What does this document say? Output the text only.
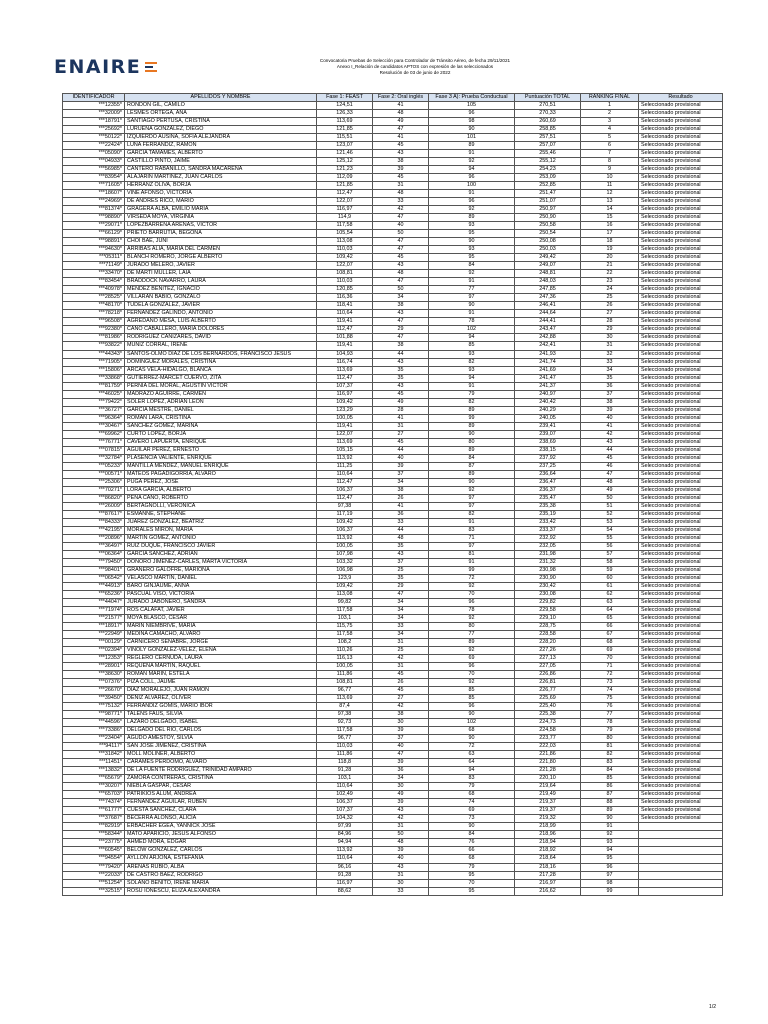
ENAIRE	Convocatoria Pruebas de Selección para Controlador de Tránsito Aéreo, de fecha 29/11/2021
Anexo I_Relación de candidatos APTOS con expresión de las seleccionados
Resolución de 03 de junio de 2022
IDENTIFICADOR	APELLIDOS Y NOMBRE	Fase 1: FEAST	Fase 2: Oral inglés	Fase 3 A): Prueba Conductual	Puntuación TOTAL	RANKING FINAL	Resultado
***12355*	RONDÓN GIL, CAMILO	124,51	41	105	270,51	1	Seleccionado provisional
***32009*	LESMES ORTEGA, ANA	126,33	48	96	270,33	2	Seleccionado provisional
***18791*	SANTIAGO PERTUSA, CRISTINA	113,69	49	98	260,69	3	Seleccionado provisional
***25692*	LURUEÑA GONZÁLEZ, DIEGO	121,85	47	90	258,85	4	Seleccionado provisional
***50122*	IZQUIERDO AUSINA, SOFIA ALEJANDRA	115,51	41	101	257,51	5	Seleccionado provisional
***22424*	LUNA FERRÁNDIZ, RAMÓN	123,07	45	89	257,07	6	Seleccionado provisional
***05090*	GARCÍA TAMAMES, ALBERTO	121,46	43	91	255,46	7	Seleccionado provisional
***04933*	CASTILLO PINTO, JAIME	125,12	38	92	255,12	8	Seleccionado provisional
***56985*	CANTERO RABANILLO, SANDRA MACARENA	121,23	39	94	254,23	9	Seleccionado provisional
***83954*	ALAJARÍN MARTÍNEZ, JUAN CARLOS	112,09	45	96	253,09	10	Seleccionado provisional
***71605*	HERRANZ OLIVA, BORJA	121,85	31	100	252,85	11	Seleccionado provisional
***18607*	VIÑE AFONSO, VICTORIA	112,47	48	91	251,47	12	Seleccionado provisional
***24969*	DE ANDRÉS RICO, MARIO	122,07	33	96	251,07	13	Seleccionado provisional
***81374*	GRAGERA ALBA, EMILIO MARÍA	116,97	42	92	250,97	14	Seleccionado provisional
***98890*	VIRSEDA MOYA, VIRGINIA	114,9	47	89	250,90	15	Seleccionado provisional
***29071*	LOPEZBARRENA ARENAS, VÍCTOR	117,58	40	93	250,58	16	Seleccionado provisional
***66129*	PRIETO BARRUTIA, BEGOÑA	105,54	50	95	250,54	17	Seleccionado provisional
***98891*	CHOI BAE, JUNI	113,08	47	90	250,08	18	Seleccionado provisional
***94630*	ARRIBAS ALIA, MARIA DEL CARMEN	110,03	47	93	250,03	19	Seleccionado provisional
***05311*	BLANCH ROMERO, JORGE ALBERTO	109,42	45	95	249,42	20	Seleccionado provisional
***71149*	JURADO MELERO, JAVIER	122,07	43	84	249,07	21	Seleccionado provisional
***33470*	DE MARTÍ MULLER, LAIA	108,81	48	92	248,81	22	Seleccionado provisional
***83454*	BRADDOCK NAVARRO, LAURA	110,03	47	91	248,03	23	Seleccionado provisional
***40978*	MENDEZ BENITEZ, IGNACIO	120,85	50	77	247,85	24	Seleccionado provisional
***28525*	VILLARÁN BABÍO, GONZALO	116,36	34	97	247,36	25	Seleccionado provisional
***48170*	TUDELA GONZALEZ, JAVIER	118,41	38	90	246,41	26	Seleccionado provisional
***78218*	FERNÁNDEZ GALINDO, ANTONIO	110,64	43	91	244,64	27	Seleccionado provisional
***96508*	AGREDANO MESA, LUIS ALBERTO	119,41	47	78	244,41	28	Seleccionado provisional
***92380*	CANO CABALLERO, MARÍA DOLORES	112,47	29	102	243,47	29	Seleccionado provisional
***81986*	RODRÍGUEZ CANIZARES, DAVID	101,88	47	94	242,88	30	Seleccionado provisional
***93822*	MUÑIZ CORRAL, IRENE	119,41	38	85	242,41	31	Seleccionado provisional
***44343*	SANTOS-OLMO DÍAZ DE LOS BERNARDOS, FRANCISCO JESÚS	104,93	44	93	241,93	32	Seleccionado provisional
***71905*	DOMÍNGUEZ MORALES, CRISTINA	116,74	43	82	241,74	33	Seleccionado provisional
***15806*	ARCAS VELA-HIDALGO, BLANCA	113,69	35	93	241,69	34	Seleccionado provisional
***33868*	GUTIÉRREZ-MARCET CUERVO, ZITA	112,47	35	94	241,47	35	Seleccionado provisional
***81759*	PERNIA DEL MORAL, AGUSTÍN VÍCTOR	107,37	43	91	241,37	36	Seleccionado provisional
***46025*	MADRAZO AGUIRRE, CARMEN	116,97	45	79	240,97	37	Seleccionado provisional
***79422*	SOLER LÓPEZ, ADRIÁN LEÓN	109,42	49	82	240,42	38	Seleccionado provisional
***36727*	GARCIA MESTRE, DANIEL	123,29	28	89	240,29	39	Seleccionado provisional
***96364*	ROMÁN LARA, CRISTINA	100,05	41	99	240,05	40	Seleccionado provisional
***30467*	SÁNCHEZ GÓMEZ, MARINA	119,41	31	89	239,41	41	Seleccionado provisional
***69962*	CURTO LÓPEZ, BORJA	122,07	27	90	239,07	42	Seleccionado provisional
***76771*	CAVERO LAPUERTA, ENRIQUE	113,69	45	80	238,69	43	Seleccionado provisional
***07815*	AGUILAR PEREZ, ERNESTO	105,15	44	89	238,15	44	Seleccionado provisional
***32784*	PLASENCIA VALIENTE, ENRIQUE	113,92	40	84	237,92	45	Seleccionado provisional
***05233*	MANTILLA MENDEZ, MANUEL ENRIQUE	111,25	39	87	237,25	46	Seleccionado provisional
***00571*	MATEOS PAGADIGORRIA, ALVARO	110,64	37	89	236,64	47	Seleccionado provisional
***25306*	PUGA PEREZ, JOSE	112,47	34	90	236,47	48	Seleccionado provisional
***70271*	LORA GARCÍA, ALBERTO	106,37	38	92	236,37	49	Seleccionado provisional
***86820*	PEÑA CANO, ROBERTO	112,47	26	97	235,47	50	Seleccionado provisional
***26009*	BERTAGNOLLI, VERONICA	97,38	41	97	235,38	51	Seleccionado provisional
***87617*	ESMANNE, STEPHANE	117,19	36	82	235,19	52	Seleccionado provisional
***84333*	JUAREZ GONZALEZ, BEATRIZ	109,42	33	91	233,42	53	Seleccionado provisional
***42195*	MORALES MIRÓN, MARÍA	106,37	44	83	233,37	54	Seleccionado provisional
***20896*	MARTÍN GÓMEZ, ANTONIO	113,92	48	71	232,92	55	Seleccionado provisional
***36497*	RUIZ DUQUE, FRANCISCO JAVIER	100,05	35	97	232,05	56	Seleccionado provisional
***06364*	GARCÍA SÁNCHEZ, ADRIÁN	107,98	43	81	231,98	57	Seleccionado provisional
***79450*	DOÑORO JIMÉNEZ-CARLÉS, MARTA VICTORIA	103,32	37	91	231,32	58	Seleccionado provisional
***98401*	GRANERO GALOFRE, MARIONA	106,98	25	99	230,98	59	Seleccionado provisional
***06542*	VELASCO MARTÍN, DANIEL	123,9	35	72	230,90	60	Seleccionado provisional
***44913*	BARO GINJAUME, ANNA	109,42	29	92	230,42	61	Seleccionado provisional
***65236*	PASCUAL VISO, VICTORIA	113,08	47	70	230,08	62	Seleccionado provisional
***44047*	JURADO JABONERO, SANDRA	99,82	34	96	229,82	63	Seleccionado provisional
***71974*	ROS CALAFAT, JAVIER	117,58	34	78	229,58	64	Seleccionado provisional
***21577*	MOYA BLASCO, CESAR	103,1	34	92	229,10	65	Seleccionado provisional
***18917*	MARÍN NIEMBRIVE, MARÍA	115,75	33	80	228,75	66	Seleccionado provisional
***22949*	MEDINA CAMACHO, ALVARO	117,58	34	77	228,58	67	Seleccionado provisional
***00129*	CARNICERO SENABRE, JORGE	108,2	31	89	228,20	68	Seleccionado provisional
***02394*	VIÑOLY GONZÁLEZ-VÉLEZ, ELENA	110,26	25	92	227,26	69	Seleccionado provisional
***12353*	REGLERO CERNUDA, LAURA	116,13	42	69	227,13	70	Seleccionado provisional
***28901*	REQUENA MARTÍN, RAQUEL	100,05	31	96	227,05	71	Seleccionado provisional
***38630*	ROMÁN MARÍN, ESTELA	111,86	45	70	226,86	72	Seleccionado provisional
***07376*	PIZA COLL, JAUME	108,81	26	92	226,81	73	Seleccionado provisional
***26670*	DIAZ MORALEJO, JUAN RAMON	96,77	45	85	226,77	74	Seleccionado provisional
***39450*	DENIZ ÁLVAREZ, OLIVER	113,69	27	85	225,69	75	Seleccionado provisional
***75132*	FERRÁNDIZ GOMIS, MARIO IBOR	87,4	42	96	225,40	76	Seleccionado provisional
***98771*	TALENS FAUS, SILVIA	97,38	38	90	225,38	77	Seleccionado provisional
***44596*	LÁZARO DELGADO, ISABEL	92,73	30	102	224,73	78	Seleccionado provisional
***73386*	DELGADO DEL RIO, CARLOS	117,58	39	68	224,58	79	Seleccionado provisional
***23404*	AGUDO AMESTOY, SILVIA	96,77	37	90	223,77	80	Seleccionado provisional
***94117*	SAN JOSÉ JIMÉNEZ, CRISTINA	110,03	40	72	222,03	81	Seleccionado provisional
***31842*	MOLL MOLINER, ALBERTO	111,86	47	63	221,86	82	Seleccionado provisional
***11451*	CARAMÉS PERDOMO, ALVARO	118,8	39	64	221,80	83	Seleccionado provisional
***13832*	DE LA FUENTE RODRÍGUEZ, TRINIDAD AMPARO	91,28	36	94	221,28	84	Seleccionado provisional
***65679*	ZAMORA CONTRERAS, CRISTINA	103,1	34	83	220,10	85	Seleccionado provisional
***30207*	NIEBLA GASPAR, CÉSAR	110,64	30	79	219,64	86	Seleccionado provisional
***65703*	PATRIKIOS ALUM, ANDREA	102,49	49	68	219,49	87	Seleccionado provisional
***74374*	FERNÁNDEZ AGUILAR, RUBÉN	106,37	39	74	219,37	88	Seleccionado provisional
***61777*	CUESTA SÁNCHEZ, CLARA	107,37	43	69	219,37	89	Seleccionado provisional
***37687*	BECERRA ALONSO, ALICIA	104,32	42	73	219,32	90	Seleccionado provisional
***82919*	ERBACHER EGEA, YANNICK JOSE	97,99	31	90	218,99	91	
***58344*	MATO APARICIO, JESUS ALFONSO	84,96	50	84	218,96	92	
***23775*	AHMED MORA, EDGAR	94,94	48	76	218,94	93	
***60545*	BELOW GONZÁLEZ, CARLOS	113,92	39	66	218,92	94	
***94554*	AYLLON ARJONA, ESTEFANIA	110,64	40	68	218,64	95	
***79420*	ARENAS RUBIO, ALBA	96,16	43	79	218,16	96	
***22033*	DE CASTRO BAEZ, RODRIGO	91,28	31	95	217,28	97	
***51254*	SOLANO BENITO, IRENE MARIA	116,97	30	70	216,97	98	
***32515*	ROSU IONESCU, ELIZA ALEXANDRA	88,62	33	95	216,62	99	
1/2
